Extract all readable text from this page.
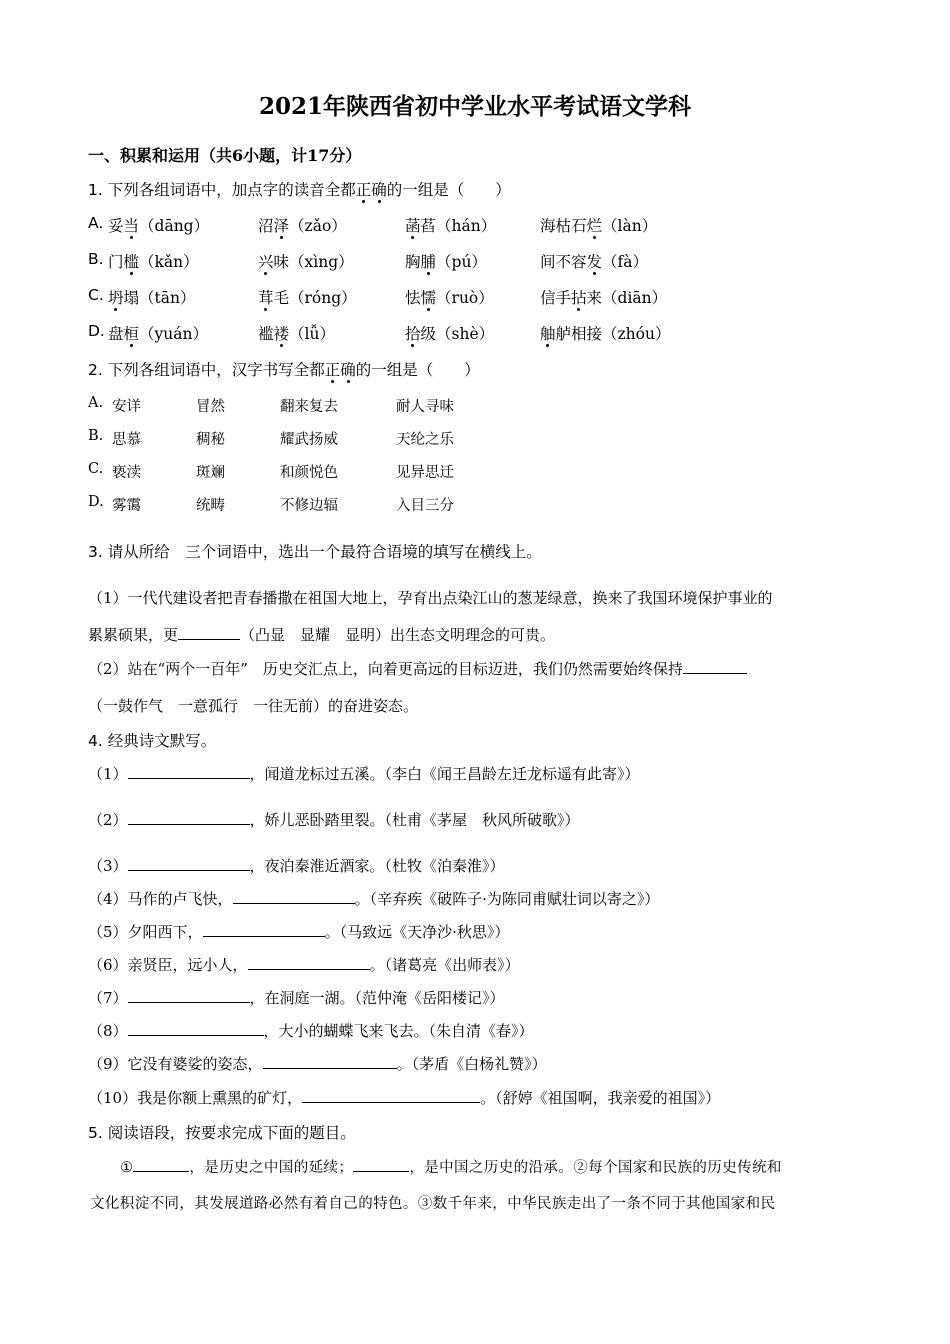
2021年陕西省初中学业水平考试语文学科
一、积累和运用（共6小题，计17分）
1. 下列各组词语中，加点字的读音全都正确的一组是（　　）
A. 妥当（dāng）	沼泽（zǎo）	菡萏（hán）	海枯石烂（làn）
B. 门槛（kǎn）	兴味（xìng）	胸脯（pú）	间不容发（fà）
C. 坍塌（tān）	茸毛（róng）	怯懦（ruò）	信手拈来（diān）
D. 盘桓（yuán）	褴褛（lǚ）	拾级（shè）	舳舻相接（zhóu）
2. 下列各组词语中，汉字书写全都正确的一组是（　　）
A. 安详	冒然	翻来复去	耐人寻味
B. 思慕	稠秘	耀武扬威	天纶之乐
C. 亵渎	斑斓	和颜悦色	见异思迁
D. 雾霭	统畴	不修边辐	入目三分
3. 请从所给　三个词语中，选出一个最符合语境的填写在横线上。
（1）一代代建设者把青春播撒在祖国大地上，孕育出点染江山的葱茏绿意，换来了我国环境保护事业的
累累硕果，更	（凸显　显耀　显明）出生态文明理念的可贵。
（2）站在“两个一百年”　历史交汇点上，向着更高远的目标迈进，我们仍然需要始终保持
（一鼓作气　一意孤行　一往无前）的奋进姿态。
4. 经典诗文默写。
（1）	，闻道龙标过五溪。（李白《闻王昌龄左迁龙标遥有此寄》）
（2）	，娇儿恶卧踏里裂。（杜甫《茅屋　秋风所破歌》）
（3）	，夜泊秦淮近酒家。（杜牧《泊秦淮》）
（4）马作的卢飞快，	。（辛弃疾《破阵子·为陈同甫赋壮词以寄之》）
（5）夕阳西下，	。（马致远《天净沙·秋思》）
（6）亲贤臣，远小人，	。（诸葛亮《出师表》）
（7）	，在洞庭一湖。（范仲淹《岳阳楼记》）
（8）	，大小的蝴蝶飞来飞去。（朱自清《春》）
（9）它没有婆娑的姿态，	。（茅盾《白杨礼赞》）
（10）我是你额上熏黑的矿灯，	。（舒婷《祖国啊，我亲爱的祖国》）
5. 阅读语段，按要求完成下面的题目。
①	，是历史之中国的延续；	，是中国之历史的沿承。②每个国家和民族的历史传统和
文化积淀不同，其发展道路必然有着自己的特色。③数千年来，中华民族走出了一条不同于其他国家和民
